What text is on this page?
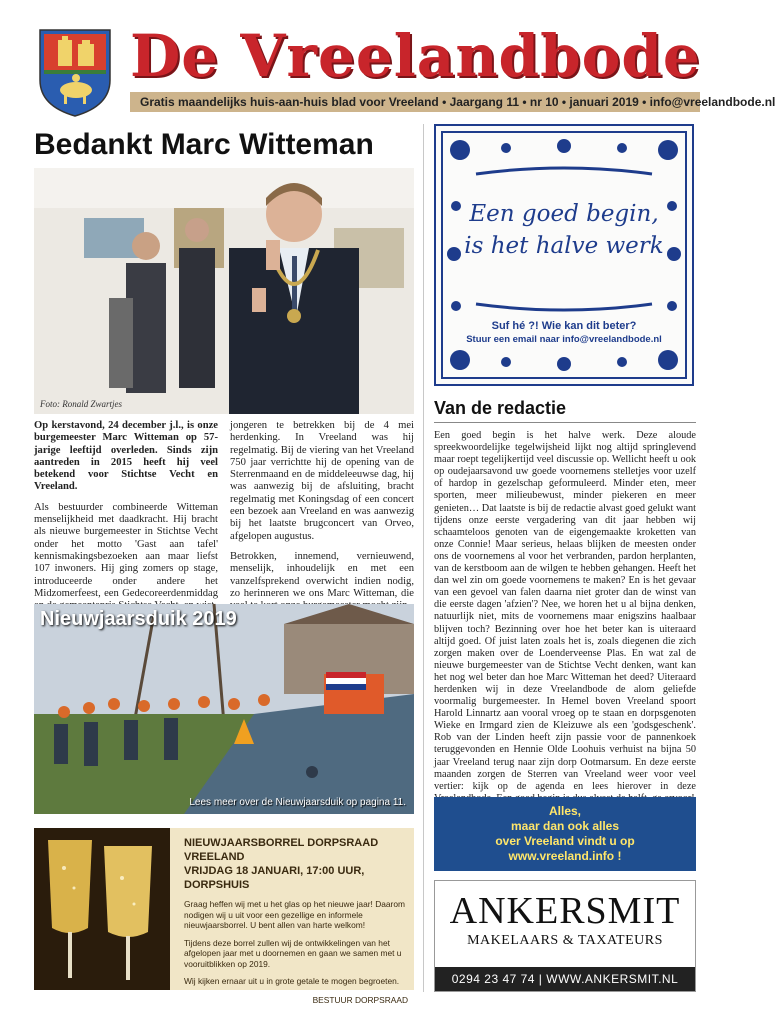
De Vreelandbode
Gratis maandelijks huis-aan-huis blad voor Vreeland • Jaargang 11 • nr 10 • januari 2019 • info@vreelandbode.nl
Bedankt Marc Witteman
Foto: Ronald Zwartjes

Op kerstavond, 24 december j.l., is onze burgemeester Marc Witteman op 57-jarige leeftijd overleden. Sinds zijn aantreden in 2015 heeft hij veel betekend voor Stichtse Vecht en Vreeland.

Als bestuurder combineerde Witteman menselijkheid met daadkracht. Hij bracht als nieuwe burgemeester in Stichtse Vecht onder het motto 'Gast aan tafel' kennismakingsbezoeken aan maar liefst 107 inwoners. Hij ging zomers op stage, introduceerde onder andere het Midzomerfeest, een Gedecoreerdenmiddag

jongeren te betrekken bij de 4 mei herdenking. In Vreeland was hij regelmatig. Bij de viering van het Vreeland 750 jaar verrichtte hij de opening van de Sterrenmaand en de middeleeuwse dag, hij was aanwezig bij de afsluiting, bracht regelmatig met Koningsdag of een concert een bezoek aan Vreeland en was aanwezig bij het laatste brugconcert van Orveo, afgelopen augustus.

Betrokken, innemend, vernieuwend, menselijk, inhoudelijk en met een vanzelfsprekend overwicht indien nodig, zo herinneren we ons Marc Witteman, die

Nieuwjaarsduik 2019
Lees meer over de Nieuwjaarsduik op pagina 11.
NIEUWJAARSBORREL DORPSRAAD VREELAND
VRIJDAG 18 JANUARI, 17:00 UUR, DORPSHUIS
Graag heffen wij met u het glas op het nieuwe jaar! Daarom nodigen wij u uit voor een gezellige en informele nieuwjaarsborrel. U bent allen van harte welkom!
Tijdens deze borrel zullen wij de ontwikkelingen van het afgelopen jaar met u doornemen en gaan we samen met u vooruitblikken op 2019.
Wij kijken ernaar uit u in grote getale te mogen begroeten.
BESTUUR DORPSRAAD
Een goed begin,
is het halve werk
Suf hé ?! Wie kan dit beter?
Stuur een email naar info@vreelandbode.nl
Van de redactie
Een goed begin is het halve werk. Deze aloude spreekwoordelijke tegelwijsheid lijkt nog altijd springlevend maar roept tegelijkertijd veel discussie op. Wellicht heeft u ook op oudejaarsavond uw goede voornemens stelletjes voor uzelf of hardop in gezelschap geformuleerd. Minder eten, meer sporten, meer milieubewust, minder piekeren en meer genieten… Dat laatste is bij de redactie alvast goed gelukt want tijdens onze eerste vergadering van dit jaar hebben wij schaamteloos genoten van de eigengemaakte kroketten van onze Connie! Maar serieus, helaas blijken de meesten onder ons de voornemens al voor het verbranden, pardon herplanten, van de kerstboom aan de wilgen te hebben gehangen. Heeft het dan wel zin om goede voornemens te maken? En is het gevaar van een gevoel van falen daarna niet groter dan de winst van die eerste dagen 'afzien'? Nee, we horen het u al bijna denken, natuurlijk niet, mits de voornemens maar enigszins haalbaar blijven toch? Bezinning over hoe het beter kan is uiteraard altijd goed. Of juist laten zoals het is, zoals diegenen die zich zorgen maken over de Loenderveense Plas. En wat zal de nieuwe burgemeester van de Stichtse Vecht denken, want kan het nog wel beter dan hoe Marc Witteman het deed? Uiteraard herdenken wij in deze Vreelandbode de alom geliefde voormalig burgemeester. In Hemel boven Vreeland spoort Harold Linnartz aan vooral vroeg op te staan en dorpsgenoten Wieke en Irmgard zien de Kleizuwe als een 'godsgeschenk'. Rob van der Linden heeft zijn passie voor de pannenkoek teruggevonden en Hennie Olde Loohuis verhuist na bijna 50 jaar Vreeland terug naar zijn dorp Ootmarsum. En deze eerste maanden zorgen de Sterren van Vreeland weer voor veel vertier: kijk op de agenda en lees hierover in deze
Alles,
maar dan ook alles
over Vreeland vindt u op
www.vreeland.info !
ANKERSMIT
MAKELAARS & TAXATEURS
0294 23 47 74 | WWW.ANKERSMIT.NL
